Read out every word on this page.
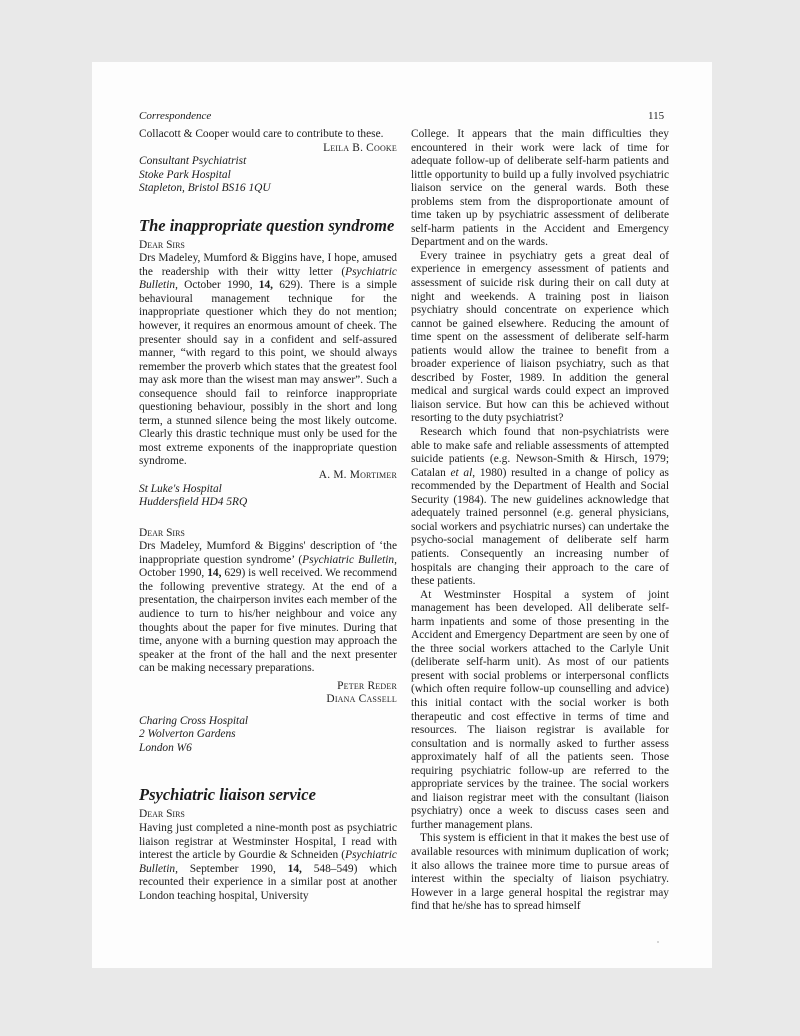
Correspondence	115

Collacott & Cooper would care to contribute to these.

Leila B. Cooke

Consultant Psychiatrist

Stoke Park Hospital

Stapleton, Bristol BS16 1QU

The inappropriate question syndrome

Dear Sirs

Drs Madeley, Mumford & Biggins have, I hope, amused the readership with their witty letter (Psychiatric Bulletin, October 1990, 14, 629). There is a simple behavioural management technique for the inappropriate questioner which they do not mention; however, it requires an enormous amount of cheek. The presenter should say in a confident and self-assured manner, “with regard to this point, we should always remember the proverb which states that the greatest fool may ask more than the wisest man may answer”. Such a consequence should fail to reinforce inappropriate questioning behaviour, possibly in the short and long term, a stunned silence being the most likely outcome. Clearly this drastic technique must only be used for the most extreme exponents of the inappropriate question syndrome.

A. M. Mortimer

St Luke's Hospital

Huddersfield HD4 5RQ

Dear Sirs

Drs Madeley, Mumford & Biggins' description of ‘the inappropriate question syndrome’ (Psychiatric Bulletin, October 1990, 14, 629) is well received. We recommend the following preventive strategy. At the end of a presentation, the chairperson invites each member of the audience to turn to his/her neighbour and voice any thoughts about the paper for five minutes. During that time, anyone with a burning question may approach the speaker at the front of the hall and the next presenter can be making necessary preparations.

Peter Reder

Diana Cassell

Charing Cross Hospital

2 Wolverton Gardens

London W6

Psychiatric liaison service

Dear Sirs

Having just completed a nine-month post as psychiatric liaison registrar at Westminster Hospital, I read with interest the article by Gourdie & Schneiden (Psychiatric Bulletin, September 1990, 14, 548–549) which recounted their experience in a similar post at another London teaching hospital, University

College. It appears that the main difficulties they encountered in their work were lack of time for adequate follow-up of deliberate self-harm patients and little opportunity to build up a fully involved psychiatric liaison service on the general wards. Both these problems stem from the disproportionate amount of time taken up by psychiatric assessment of deliberate self-harm patients in the Accident and Emergency Department and on the wards.

Every trainee in psychiatry gets a great deal of experience in emergency assessment of patients and assessment of suicide risk during their on call duty at night and weekends. A training post in liaison psychiatry should concentrate on experience which cannot be gained elsewhere. Reducing the amount of time spent on the assessment of deliberate self-harm patients would allow the trainee to benefit from a broader experience of liaison psychiatry, such as that described by Foster, 1989. In addition the general medical and surgical wards could expect an improved liaison service. But how can this be achieved without resorting to the duty psychiatrist?

Research which found that non-psychiatrists were able to make safe and reliable assessments of attempted suicide patients (e.g. Newson-Smith & Hirsch, 1979; Catalan et al, 1980) resulted in a change of policy as recommended by the Department of Health and Social Security (1984). The new guidelines acknowledge that adequately trained personnel (e.g. general physicians, social workers and psychiatric nurses) can undertake the psycho-social management of deliberate self harm patients. Consequently an increasing number of hospitals are changing their approach to the care of these patients.

At Westminster Hospital a system of joint management has been developed. All deliberate self-harm inpatients and some of those presenting in the Accident and Emergency Department are seen by one of the three social workers attached to the Carlyle Unit (deliberate self-harm unit). As most of our patients present with social problems or interpersonal conflicts (which often require follow-up counselling and advice) this initial contact with the social worker is both therapeutic and cost effective in terms of time and resources. The liaison registrar is available for consultation and is normally asked to further assess approximately half of all the patients seen. Those requiring psychiatric follow-up are referred to the appropriate services by the trainee. The social workers and liaison registrar meet with the consultant (liaison psychiatry) once a week to discuss cases seen and further management plans.

This system is efficient in that it makes the best use of available resources with minimum duplication of work; it also allows the trainee more time to pursue areas of interest within the specialty of liaison psychiatry. However in a large general hospital the registrar may find that he/she has to spread himself
